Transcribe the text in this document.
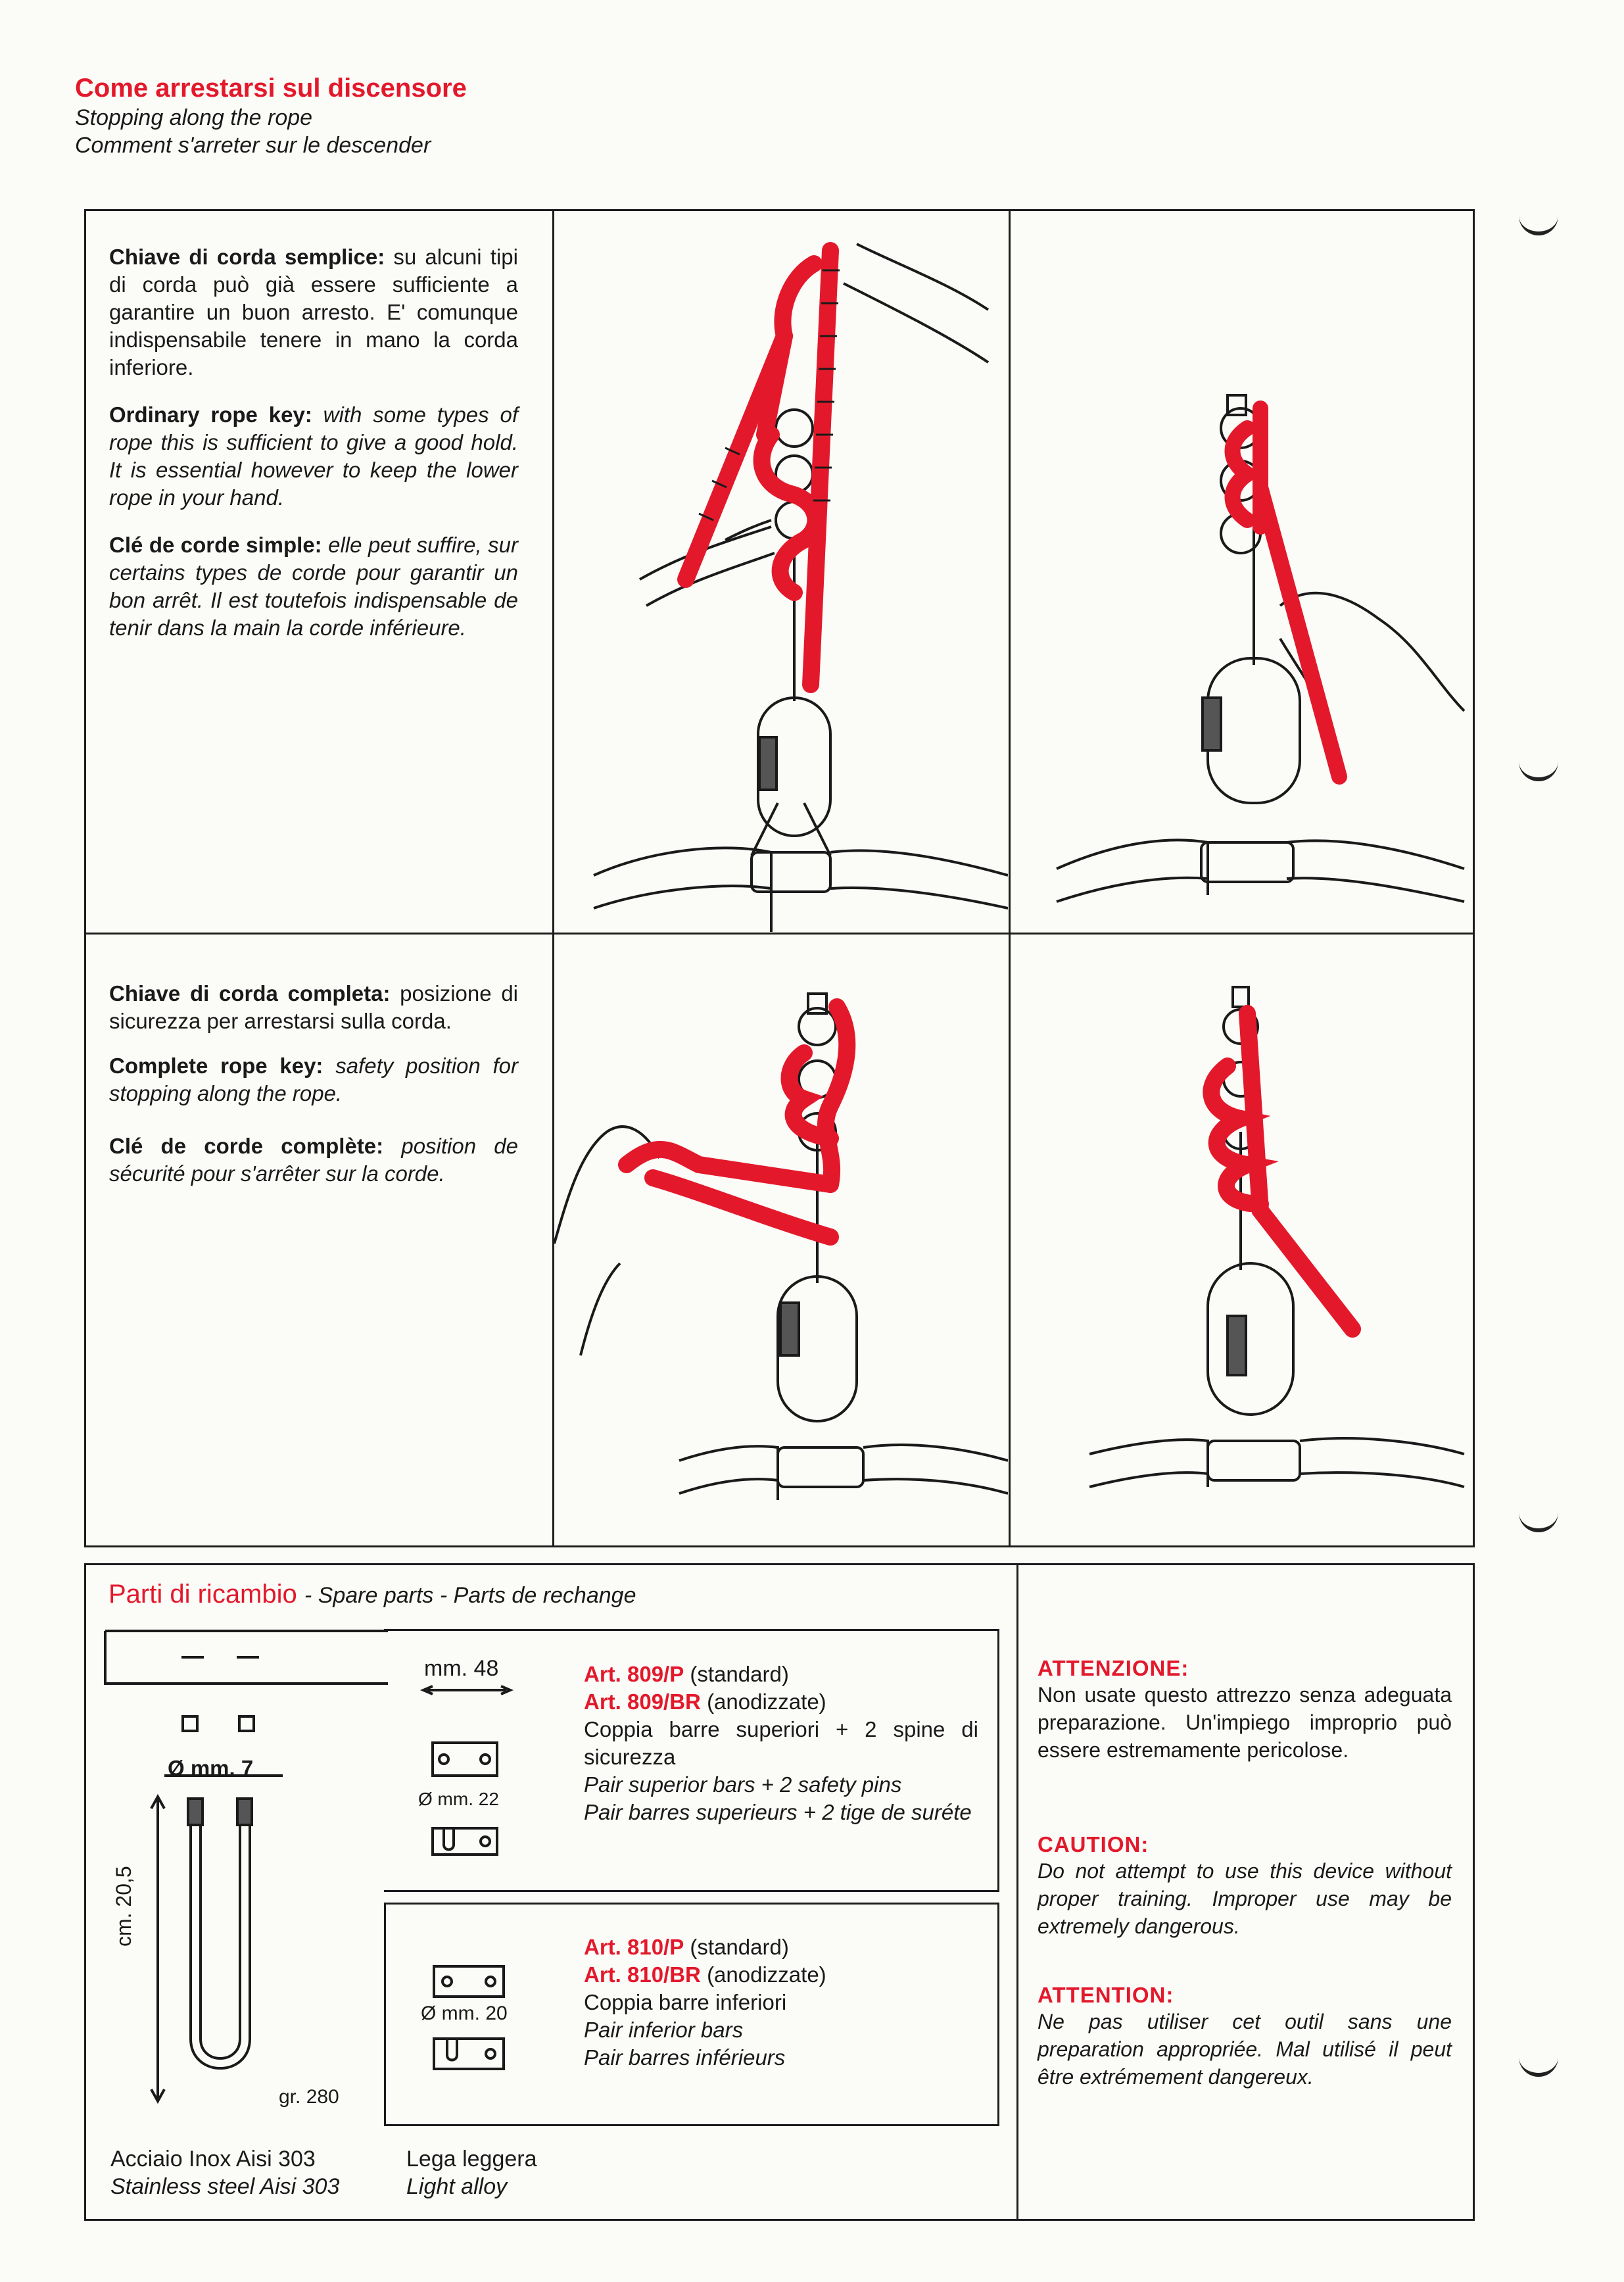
Come arrestarsi sul discensore
Stopping along the rope
Comment s'arreter sur le descender
Chiave di corda semplice: su alcuni tipi di corda può già essere sufficiente a garantire un buon arresto. E' comunque indispensabile tenere in mano la corda inferiore.
Ordinary rope key: with some types of rope this is sufficient to give a good hold. It is essential however to keep the lower rope in your hand.
Clé de corde simple: elle peut suffire, sur certains types de corde pour garantir un bon arrêt. Il est toutefois indispensable de tenir dans la main la corde inférieure.
Chiave di corda completa: posizione di sicurezza per arrestarsi sulla corda.
Complete rope key: safety position for stopping along the rope.
Clé de corde complète: position de sécurité pour s'arrêter sur la corde.
Parti di ricambio - Spare parts - Parts de rechange
Ø mm. 7
cm. 20,5
gr. 280
Acciaio Inox Aisi 303
Stainless steel Aisi 303
Lega leggera
Light alloy
mm. 48
Ø mm. 22
Art. 809/P (standard)
Art. 809/BR (anodizzate)
Coppia barre superiori + 2 spine di sicurezza
Pair superior bars + 2 safety pins
Pair barres superieurs + 2 tige de suréte
Ø mm. 20
Art. 810/P (standard)
Art. 810/BR (anodizzate)
Coppia barre inferiori
Pair inferior bars
Pair barres inférieurs
ATTENZIONE:
Non usate questo attrezzo senza adeguata preparazione. Un'impiego improprio può essere estremamente pericolose.
CAUTION:
Do not attempt to use this device without proper training. Improper use may be extremely dangerous.
ATTENTION:
Ne pas utiliser cet outil sans une preparation appropriée. Mal utilisé il peut être extrémement dangereux.
